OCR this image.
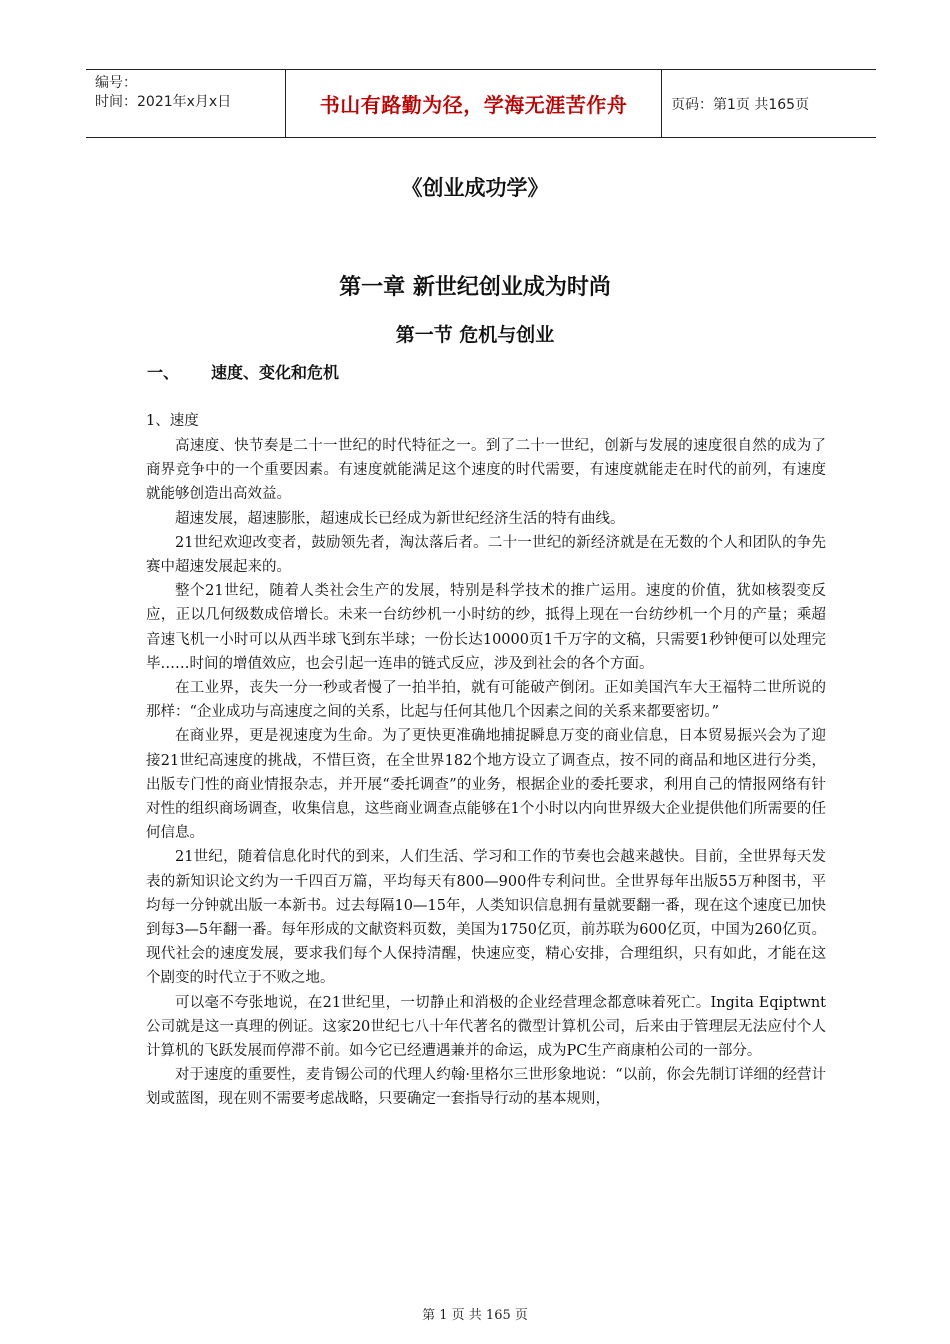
编号：
时间：2021年x月x日	书山有路勤为径，学海无涯苦作舟	页码：第1页 共165页
《创业成功学》
第一章 新世纪创业成为时尚
第一节 危机与创业
一、 速度、变化和危机
1、速度

高速度、快节奏是二十一世纪的时代特征之一。到了二十一世纪，创新与发展的速度很自然的成为了商界竞争中的一个重要因素。有速度就能满足这个速度的时代需要，有速度就能走在时代的前列，有速度就能够创造出高效益。

超速发展，超速膨胀，超速成长已经成为新世纪经济生活的特有曲线。

21世纪欢迎改变者，鼓励领先者，淘汰落后者。二十一世纪的新经济就是在无数的个人和团队的争先赛中超速发展起来的。

整个21世纪，随着人类社会生产的发展，特别是科学技术的推广运用。速度的价值，犹如核裂变反应，正以几何级数成倍增长。未来一台纺纱机一小时纺的纱，抵得上现在一台纺纱机一个月的产量；乘超音速飞机一小时可以从西半球飞到东半球；一份长达10000页1千万字的文稿，只需要1秒钟便可以处理完毕……时间的增值效应，也会引起一连串的链式反应，涉及到社会的各个方面。

在工业界，丧失一分一秒或者慢了一拍半拍，就有可能破产倒闭。正如美国汽车大王福特二世所说的那样：“企业成功与高速度之间的关系，比起与任何其他几个因素之间的关系来都要密切。”

在商业界，更是视速度为生命。为了更快更准确地捕捉瞬息万变的商业信息，日本贸易振兴会为了迎接21世纪高速度的挑战，不惜巨资，在全世界182个地方设立了调查点，按不同的商品和地区进行分类，出版专门性的商业情报杂志，并开展“委托调查”的业务，根据企业的委托要求，利用自己的情报网络有针对性的组织商场调查，收集信息，这些商业调查点能够在1个小时以内向世界级大企业提供他们所需要的任何信息。

21世纪，随着信息化时代的到来，人们生活、学习和工作的节奏也会越来越快。目前，全世界每天发表的新知识论文约为一千四百万篇，平均每天有800—900件专利问世。全世界每年出版55万种图书，平均每一分钟就出版一本新书。过去每隔10—15年，人类知识信息拥有量就要翻一番，现在这个速度已加快到每3—5年翻一番。每年形成的文献资料页数，美国为1750亿页，前苏联为600亿页，中国为260亿页。现代社会的速度发展，要求我们每个人保持清醒，快速应变，精心安排，合理组织，只有如此，才能在这个剧变的时代立于不败之地。

可以毫不夸张地说，在21世纪里，一切静止和消极的企业经营理念都意味着死亡。Ingita Eqiptwnt公司就是这一真理的例证。这家20世纪七八十年代著名的微型计算机公司，后来由于管理层无法应付个人计算机的飞跃发展而停滞不前。如今它已经遭遇兼并的命运，成为PC生产商康柏公司的一部分。

对于速度的重要性，麦肯锡公司的代理人约翰·里格尔三世形象地说：“以前，你会先制订详细的经营计划或蓝图，现在则不需要考虑战略，只要确定一套指导行动的基本规则，

第 1 页 共 165 页
